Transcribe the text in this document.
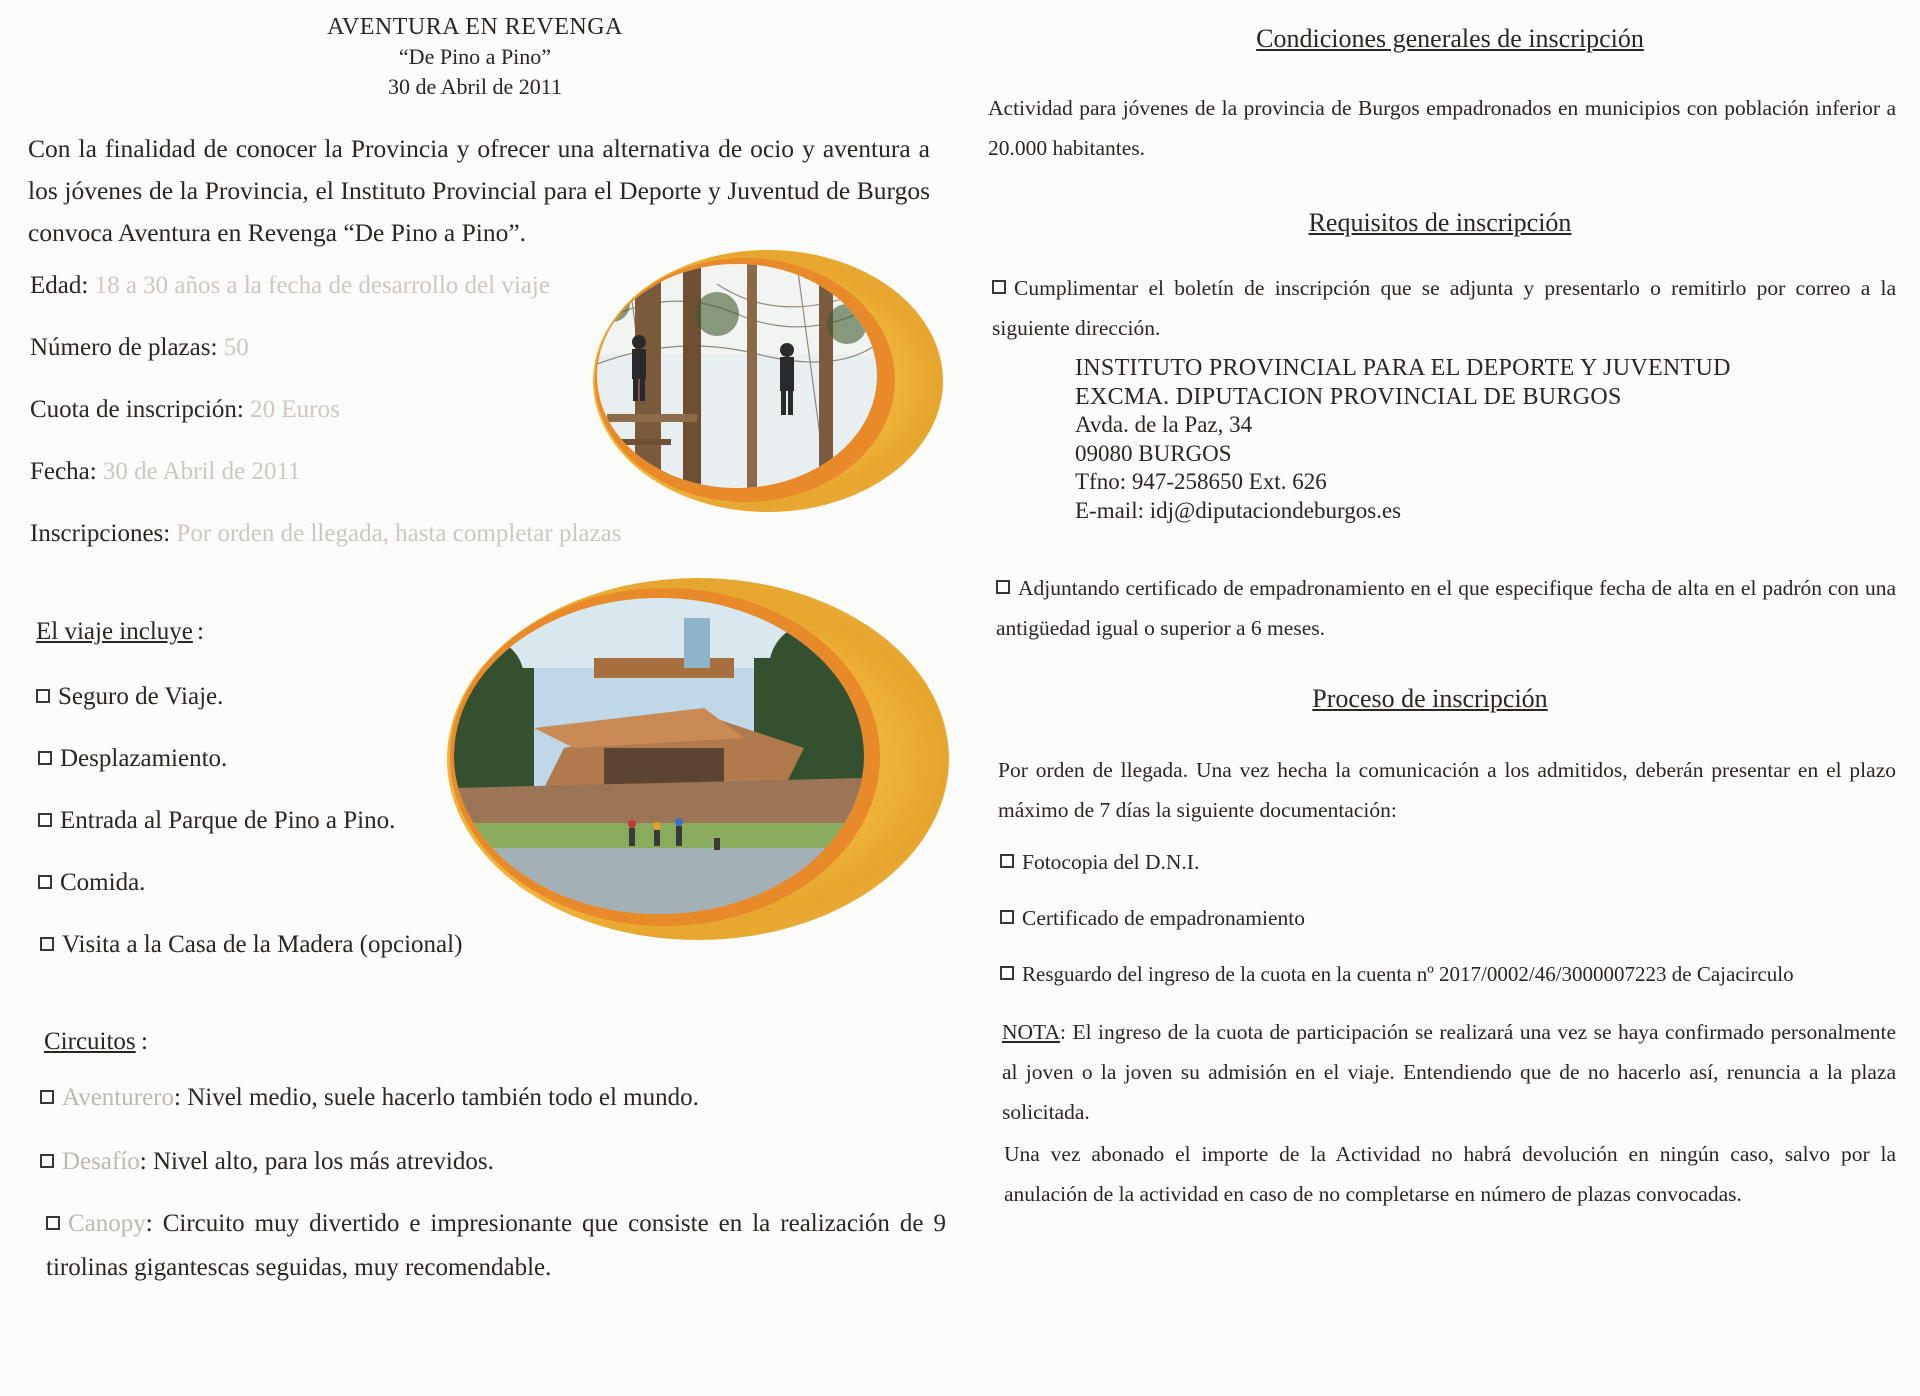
AVENTURA EN REVENGA
“De Pino a Pino”
30 de Abril de 2011
Con la finalidad de conocer la Provincia y ofrecer una alternativa de ocio y aventura a los jóvenes de la Provincia, el Instituto Provincial para el Deporte y Juventud de Burgos convoca Aventura en Revenga “De Pino a Pino”.
Edad: 18 a 30 años a la fecha de desarrollo del viaje
Número de plazas: 50
Cuota de inscripción: 20 Euros
Fecha: 30 de Abril de 2011
Inscripciones: Por orden de llegada, hasta completar plazas
El viaje incluye :
Seguro de Viaje.
Desplazamiento.
Entrada al Parque de Pino a Pino.
Comida.
Visita a la Casa de la Madera (opcional)
Circuitos :
Aventurero: Nivel medio, suele hacerlo también todo el mundo.
Desafío: Nivel alto, para los más atrevidos.
Canopy: Circuito muy divertido e impresionante que consiste en la realización de 9 tirolinas gigantescas seguidas, muy recomendable.
Condiciones generales de inscripción
Actividad para jóvenes de la provincia de Burgos empadronados en municipios con población inferior a 20.000 habitantes.
Requisitos de inscripción
Cumplimentar el boletín de inscripción que se adjunta y presentarlo o remitirlo por correo a la siguiente dirección.
INSTITUTO PROVINCIAL PARA EL DEPORTE Y JUVENTUD
EXCMA. DIPUTACION PROVINCIAL DE BURGOS
Avda. de la Paz, 34
09080 BURGOS
Tfno: 947-258650 Ext. 626
E-mail: idj@diputaciondeburgos.es
Adjuntando certificado de empadronamiento en el que especifique fecha de alta en el padrón con una antigüedad igual o superior a 6 meses.
Proceso de inscripción
Por orden de llegada. Una vez hecha la comunicación a los admitidos, deberán presentar en el plazo máximo de 7 días la siguiente documentación:
Fotocopia del D.N.I.
Certificado de empadronamiento
Resguardo del ingreso de la cuota en la cuenta nº 2017/0002/46/3000007223 de Cajacirculo
NOTA: El ingreso de la cuota de participación se realizará una vez se haya confirmado personalmente al joven o la joven su admisión en el viaje. Entendiendo que de no hacerlo así, renuncia a la plaza solicitada.
Una vez abonado el importe de la Actividad no habrá devolución en ningún caso, salvo por la anulación de la actividad en caso de no completarse en número de plazas convocadas.
